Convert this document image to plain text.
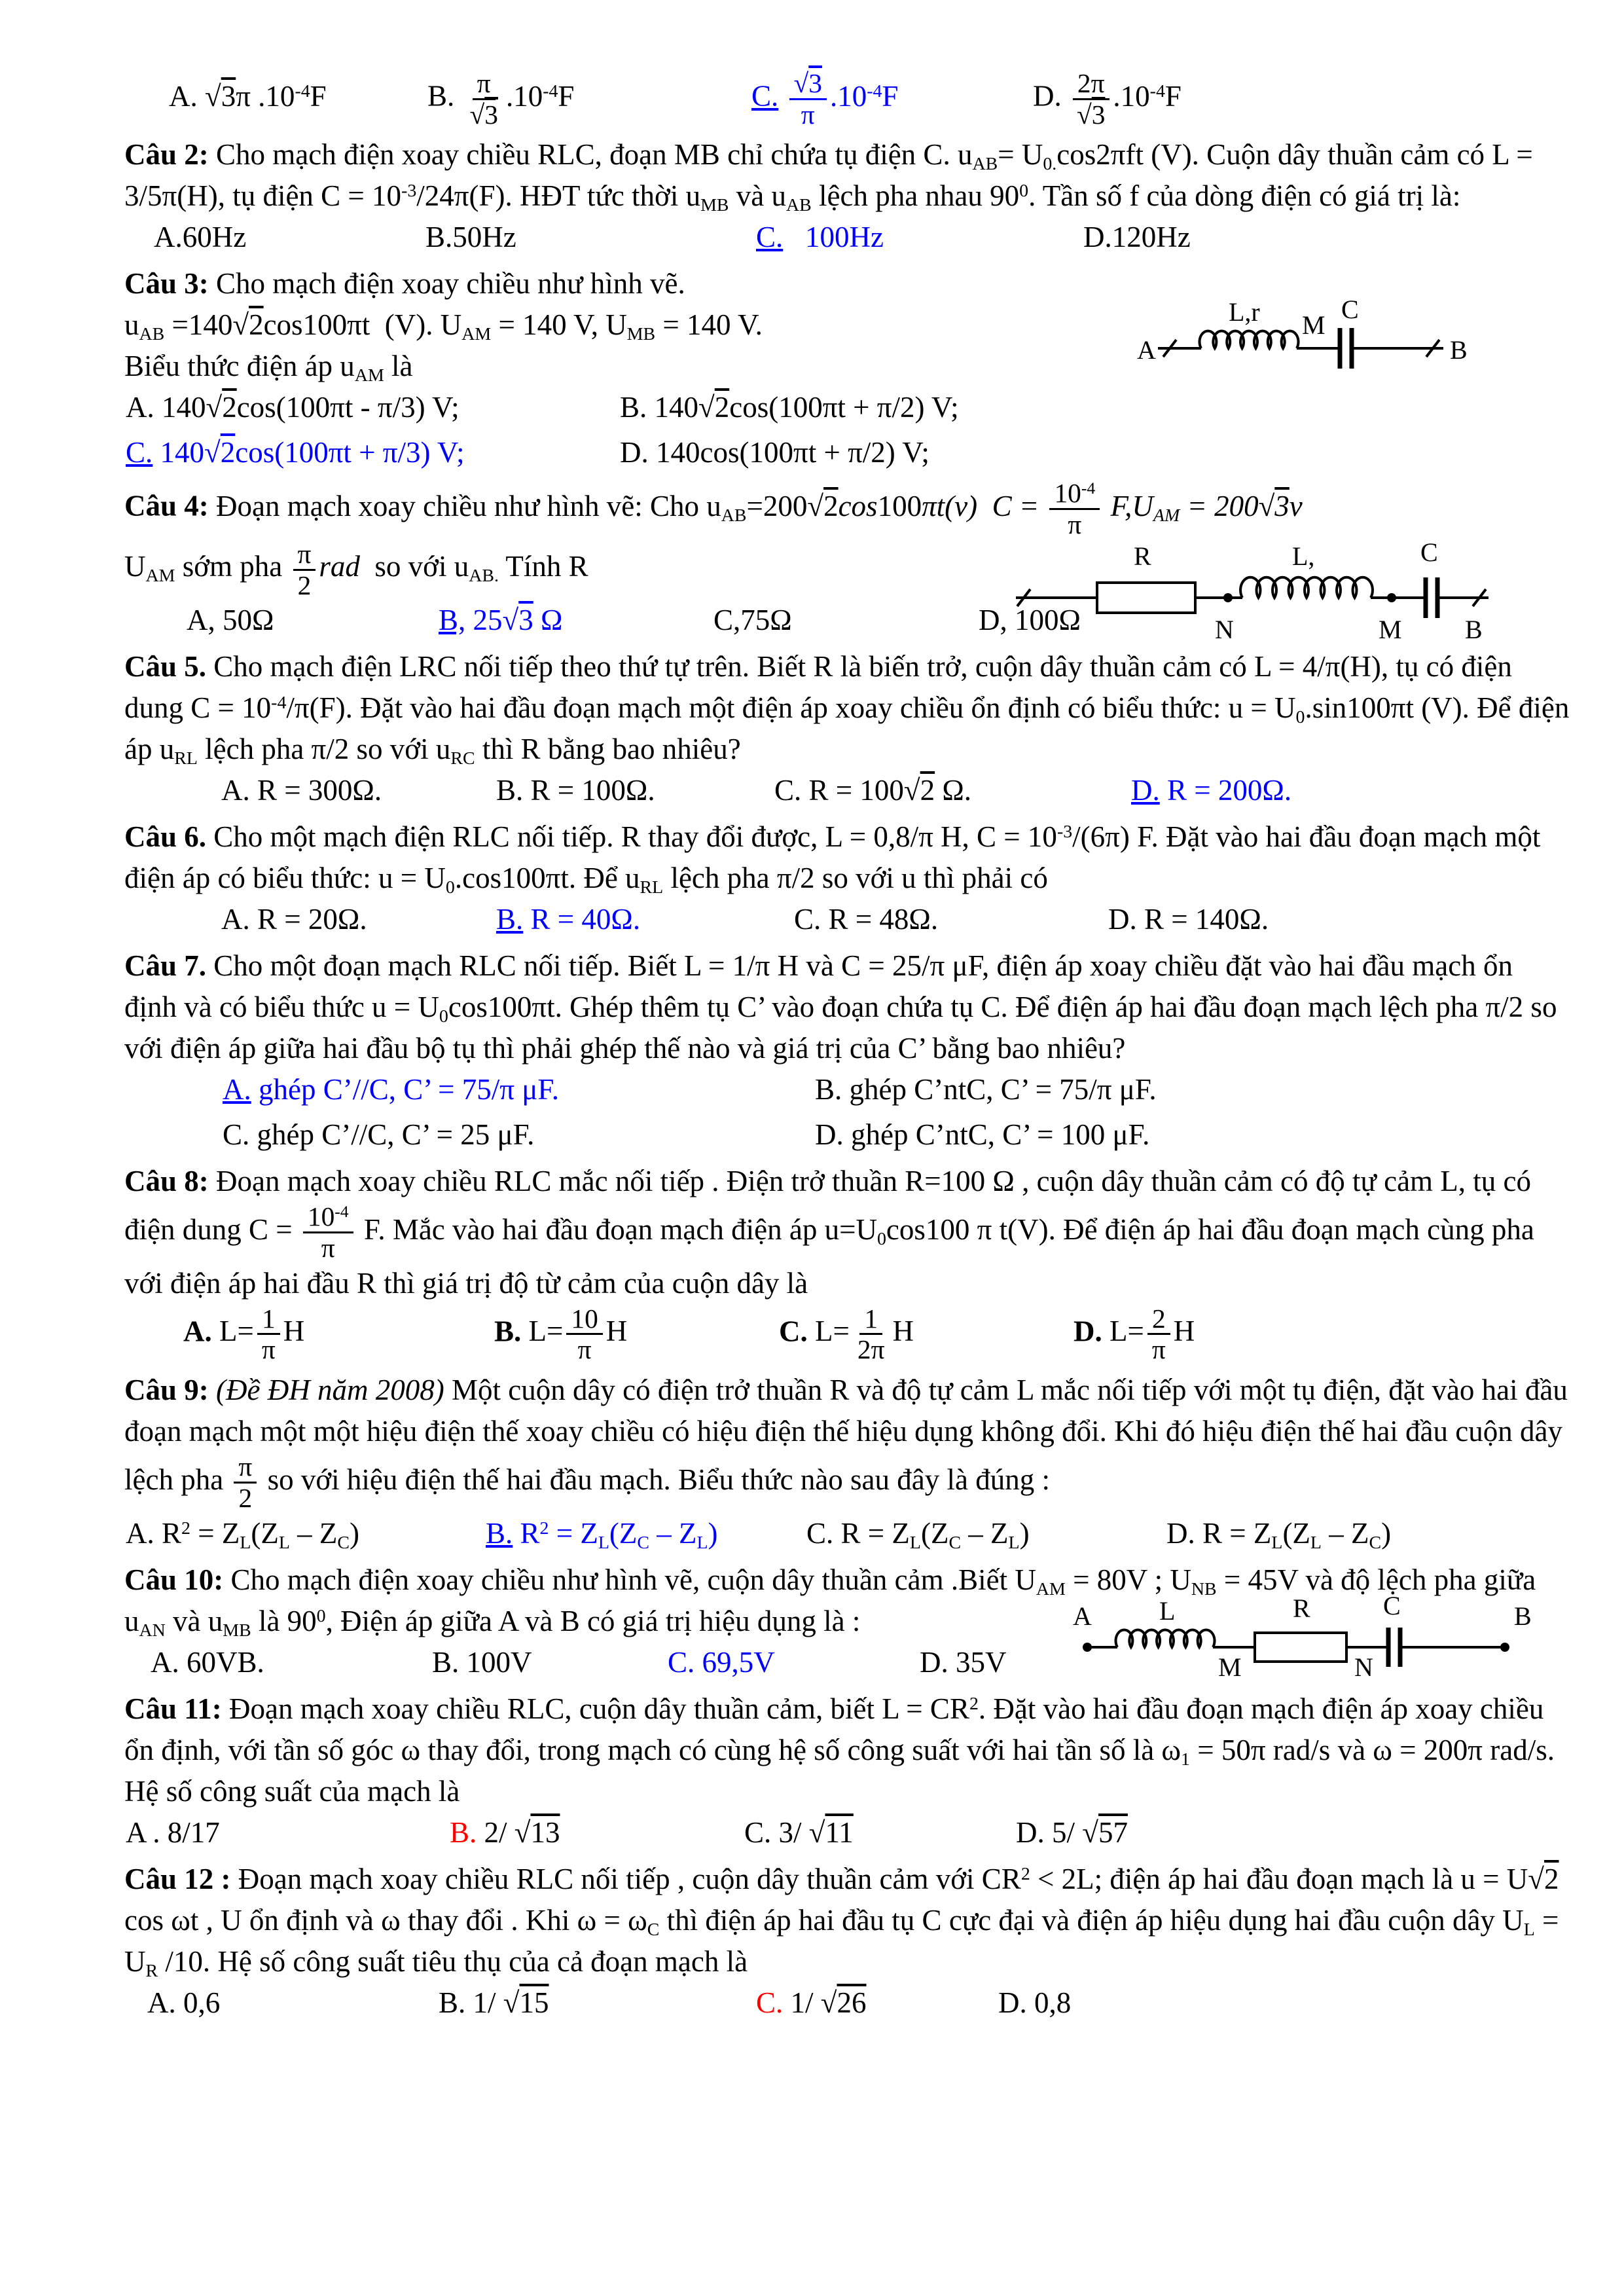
A. √3π $.10^{-4}F$	B. $\frac{\pi}{√3} .10^{-4}F$	C. $\frac{√3}{\pi} .10^{-4}F$	D. $\frac{2\pi}{√3} .10^{-4}F$
Câu 2: Cho mạch điện xoay chiều RLC, đoạn MB chỉ chứa tụ điện C. $u_{AB}= U_{0.}\cos 2\pi ft$ (V). Cuộn dây thuần cảm có L = 3/5π(H), tụ điện $C = 10^{-3}/24\pi(F)$. HĐT tức thời $u_{MB}$ và $u_{AB}$ lệch pha nhau $90^0$. Tần số f của dòng điện có giá trị là:
A.60Hz	B.50Hz	C.   100Hz	D.120Hz
Câu 3: Cho mạch điện xoay chiều như hình vẽ.
$u_{AB} =140√2\cos 100\pi t$  (V). $U_{AM} = 140$ V, $U_{MB} = 140$ V.
Biểu thức điện áp $u_{AM}$ là	A
L,r M
C
B
A. 140√2cos(100πt - π/3) V;	B. 140√2cos(100πt + π/2) V;
C. 140√2cos(100πt + π/3) V;	D. 140cos(100πt + π/2) V;
Câu 4: Đoạn mạch xoay chiều như hình vẽ: Cho $u_{AB}=200√2\cos 100\pi t(v) C = \frac{10^{-4}}{\pi} F,U_{AM} = 200√3v$
$U_{AM}$ sớm pha $\frac{\pi}{2}$ rad  so với $u_{AB.}$ Tính R	R
N
L,
M
C
B
A, 50Ω	B, 25√3 Ω	C,75Ω	D, 100Ω
Câu 5. Cho mạch điện LRC nối tiếp theo thứ tự trên. Biết R là biến trở, cuộn dây thuần cảm có L = 4/π(H), tụ có điện dung $C = 10^{-4}/\pi(F)$. Đặt vào hai đầu đoạn mạch một điện áp xoay chiều ổn định có biểu thức: $u = U_0.\sin 100\pi t$ (V). Để điện áp $u_{RL}$ lệch pha π/2 so với $u_{RC}$ thì R bằng bao nhiêu?
A. R = 300Ω.	B. R = 100Ω.	C. R = 100√2 Ω.	D. R = 200Ω.
Câu 6. Cho một mạch điện RLC nối tiếp. R thay đổi được, L = 0,8/π H, $C = 10^{-3}/(6\pi)$ F. Đặt vào hai đầu đoạn mạch một điện áp có biểu thức: $u = U_0.\cos 100\pi t$. Để $u_{RL}$ lệch pha π/2 so với u thì phải có
A. R = 20Ω.	B. R = 40Ω.	C. R = 48Ω.	D. R = 140Ω.
Câu 7. Cho một đoạn mạch RLC nối tiếp. Biết L = 1/π H và C = 25/π μF, điện áp xoay chiều đặt vào hai đầu mạch ổn định và có biểu thức $u = U_0\cos 100\pi t$. Ghép thêm tụ C’ vào đoạn chứa tụ C. Để điện áp hai đầu đoạn mạch lệch pha π/2 so với điện áp giữa hai đầu bộ tụ thì phải ghép thế nào và giá trị của C’ bằng bao nhiêu?
A. ghép C’//C, C’ = 75/π μF.	B. ghép C’ntC, C’ = 75/π μF.
C. ghép C’//C, C’ = 25 μF.	D. ghép C’ntC, C’ = 100 μF.
Câu 8: Đoạn mạch xoay chiều RLC mắc nối tiếp . Điện trở thuần R=100 Ω , cuộn dây thuần cảm có độ tự cảm L, tụ có điện dung $C = \frac{10^{-4}}{\pi} F$. Mắc vào hai đầu đoạn mạch điện áp $u=U_0\cos 100$ π t(V). Để điện áp hai đầu đoạn mạch cùng pha với điện áp hai đầu R thì giá trị độ từ cảm của cuộn dây là
A. $L= \frac{1}{\pi}$ H	B. $L= \frac{10}{\pi}$ H	C. $L= \frac{1}{2\pi}$ H	D. $L= \frac{2}{\pi}$ H
Câu 9: (Đề ĐH năm 2008) Một cuộn dây có điện trở thuần R và độ tự cảm L mắc nối tiếp với một tụ điện, đặt vào hai đầu đoạn mạch một một hiệu điện thế xoay chiều có hiệu điện thế hiệu dụng không đổi. Khi đó hiệu điện thế hai đầu cuộn dây lệch pha $\frac{\pi}{2}$ so với hiệu điện thế hai đầu mạch. Biểu thức nào sau đây là đúng :
A. $R^2 = Z_L(Z_L - Z_C)$	B. $R^2 = Z_L(Z_C - Z_L)$	C. $R = Z_L(Z_C - Z_L)$	D. $R = Z_L(Z_L - Z_C)$
Câu 10: Cho mạch điện xoay chiều như hình vẽ, cuộn dây thuần cảm .Biết $U_{AM} = 80V$ ; $U_{NB} = 45V$ và độ lệch pha giữa $u_{AN}$ và $u_{MB}$ là $90^0$, Điện áp giữa A và B có giá trị hiệu dụng là :	A	L
M
R
N
C	B
A. 60VB.	B. 100V	C. 69,5V	D. 35V
Câu 11: Đoạn mạch xoay chiều RLC, cuộn dây thuần cảm, biết $L = CR^2$. Đặt vào hai đầu đoạn mạch điện áp xoay chiều ổn định, với tần số góc ω thay đổi, trong mạch có cùng hệ số công suất với hai tần số là $\omega_1 = 50\pi$ rad/s và ω = 200π rad/s. Hệ số công suất của mạch là
A . 8/17	B. 2/ √13	C. 3/ √11	D. 5/ √57
Câu 12 : Đoạn mạch xoay chiều RLC nối tiếp , cuộn dây thuần cảm với $CR^2 < 2L$; điện áp hai đầu đoạn mạch là u = U√2 cos ωt , U ổn định và ω thay đổi . Khi $\omega = \omega_C$ thì điện áp hai đầu tụ C cực đại và điện áp hiệu dụng hai đầu cuộn dây $U_L = U_R$ /10. Hệ số công suất tiêu thụ của cả đoạn mạch là
A. 0,6	B. 1/ √15	C. 1/ √26	D. 0,8
